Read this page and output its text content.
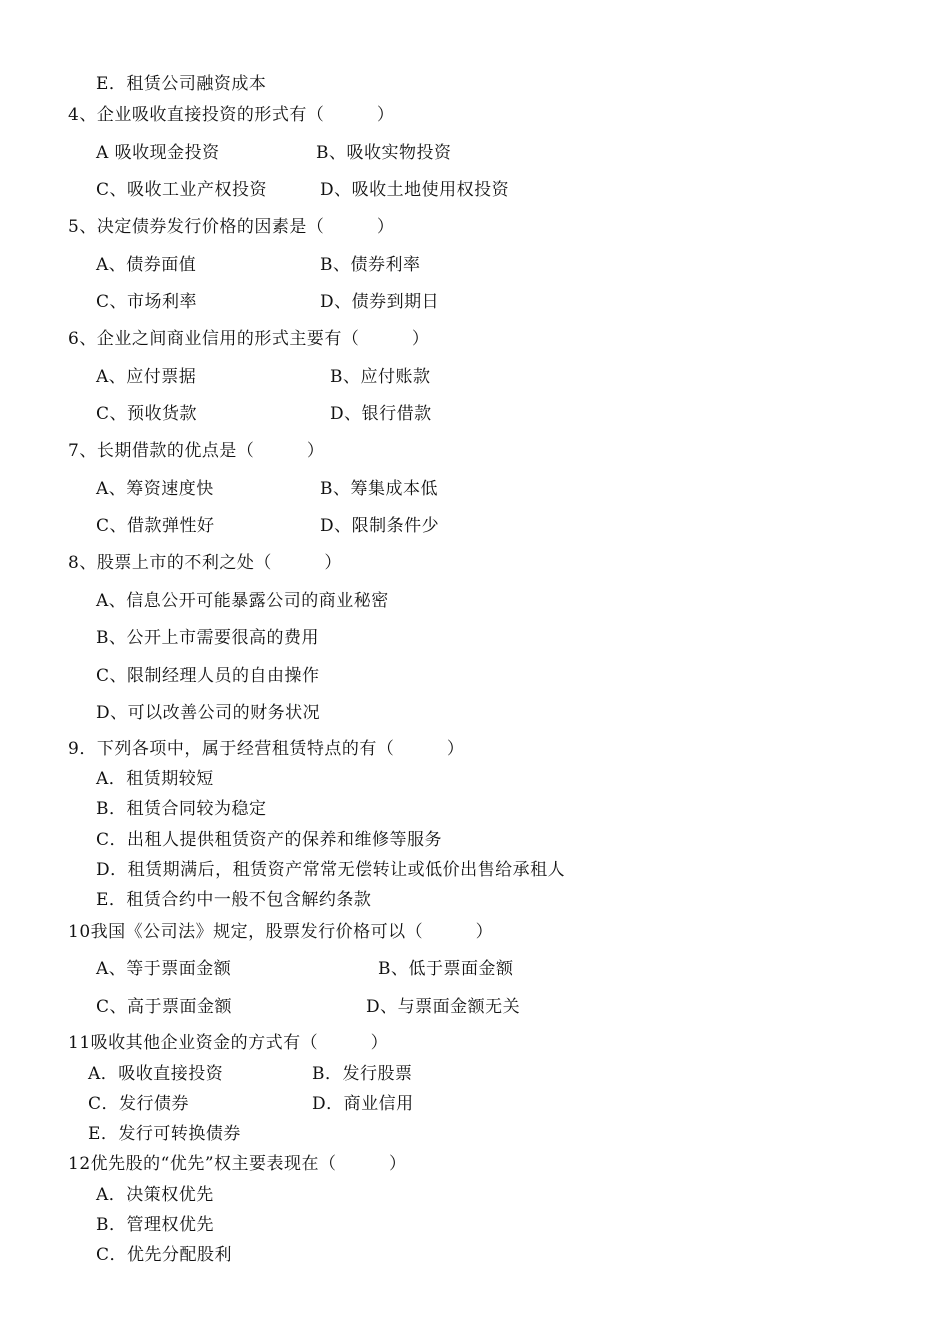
E．租赁公司融资成本
4、企业吸收直接投资的形式有（　　　）
A 吸收现金投资	B、吸收实物投资
C、吸收工业产权投资	D、吸收土地使用权投资
5、决定债券发行价格的因素是（　　　）
A、债券面值	B、债券利率
C、市场利率	D、债券到期日
6、企业之间商业信用的形式主要有（　　　）
A、应付票据	B、应付账款
C、预收货款	D、银行借款
7、长期借款的优点是（　　　）
A、筹资速度快	B、筹集成本低
C、借款弹性好	D、限制条件少
8、股票上市的不利之处（　　　）
A、信息公开可能暴露公司的商业秘密
B、公开上市需要很高的费用
C、限制经理人员的自由操作
D、可以改善公司的财务状况
9．下列各项中，属于经营租赁特点的有（　　　）
A．租赁期较短
B．租赁合同较为稳定
C．出租人提供租赁资产的保养和维修等服务
D．租赁期满后，租赁资产常常无偿转让或低价出售给承租人
E．租赁合约中一般不包含解约条款
10我国《公司法》规定，股票发行价格可以（　　　）
A、等于票面金额	B、低于票面金额
C、高于票面金额	D、与票面金额无关
11吸收其他企业资金的方式有（　　　）
A．吸收直接投资	B．发行股票
C．发行债券	D．商业信用
E．发行可转换债券
12优先股的“优先”权主要表现在（　　　）
A．决策权优先
B．管理权优先
C．优先分配股利
